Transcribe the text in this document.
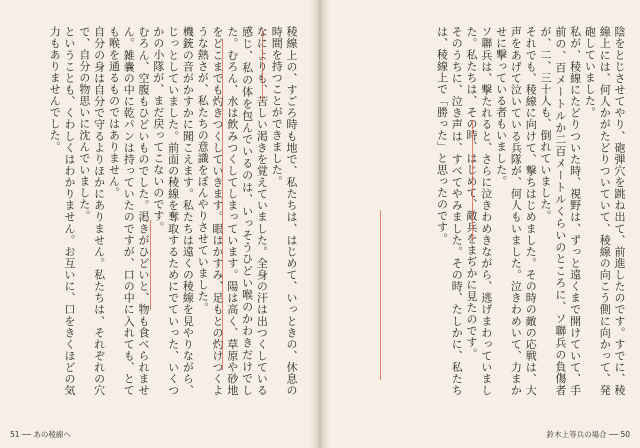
稜線上の、すごろ時も地で、私たちは、はじめて、いっときの、休息の時間を持つことができました。

なによりも、苦しい渇きを覚えていました。全身の汗は出つくしている感じ、私の体を包んでいるのは、いっそうひどい喉のかわきだけでした。むろん、水は飲みつくしてしまっています。陽は高く、草原や砂地をどこまでも灼きつくしていきます。眼はかすみ、足もとの灼けつくような熱さが、私たちの意識をぼんやりさせていました。

機銃の音がかすかに聞こえます。私たちは遠くの稜線を見やりながら、じっとしていました。前面の稜線を奪取するためにでていった、いくつかの小隊が、まだ戻ってこないのです。

むろん、空腹もひどいものでした。渇きがひどいと、物も食べられません。雑嚢の中に乾パンは持っていたのですが、口の中に入れても、とても喉を通るものではありません。

自分の身は自分で守るよりほかにありません。私たちは、それぞれの穴で、自分の物思いに沈んでいました。

ということも、くわしくはわかりません。お互いに、口をきくほどの気力もありませんでした。

51 ── あの稜線へ

陰をとじさせてやり、砲弾穴を跳ね出て、前進したのです。すでに、稜線上には、何人かがたどりついていて、稜線の向こう側に向かって、発砲していました。

私が、稜線にたどりついた時、視野は、ずっと遠くまで開けていて、手前の、百メートルか二百メートルくらいのところに、ソ聯兵の負傷者が、二、三十人も、倒れていました。

それでも、稜線に向けて、撃ちはじめました。その時の敵の応戦は、大声をあげて泣いている兵隊が、何人もいました。泣きわめいて、力まかせに撃っている者もいました。

ソ聯兵は、撃たれると、さらに泣きわめきながら、逃げまわっていました。私たちは、その時、はじめて、敵兵をまぢかに見たのです。

そのうちに、泣き声は、すべてやみました。その時、たしかに、私たちは、稜線上で「勝った」と思ったのです。

鈴木上等兵の場合 ── 50
